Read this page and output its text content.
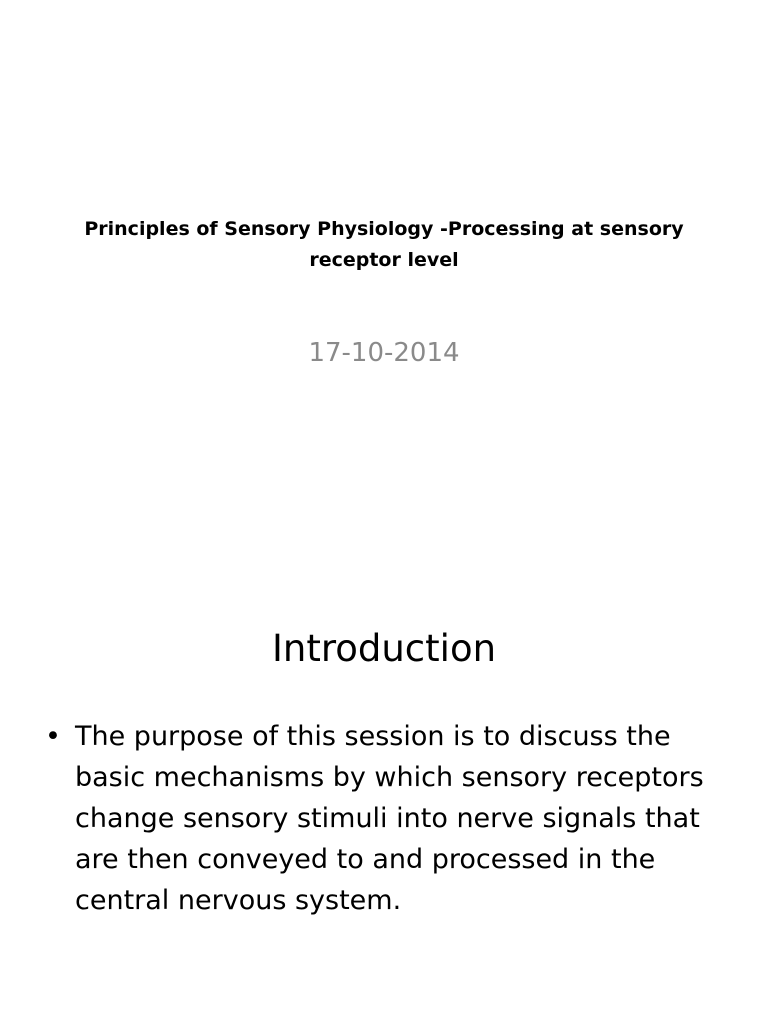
Principles of Sensory Physiology -Processing at sensory receptor level
17-10-2014
Introduction
• The purpose of this session is to discuss the basic mechanisms by which sensory receptors change sensory stimuli into nerve signals that are then conveyed to and processed in the central nervous system.
